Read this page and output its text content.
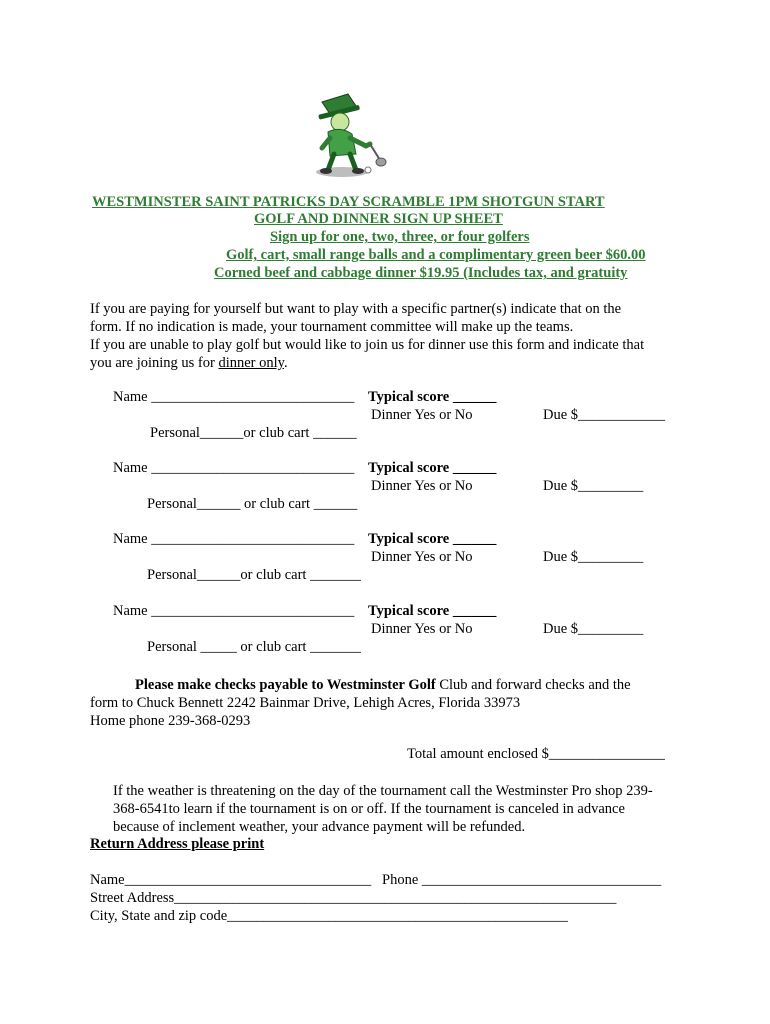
WESTMINSTER SAINT PATRICKS DAY SCRAMBLE 1PM SHOTGUN START
GOLF AND DINNER SIGN UP SHEET
Sign up for one, two, three, or four golfers
Golf, cart, small range balls and a complimentary green beer $60.00
Corned beef and cabbage dinner $19.95 (Includes tax, and gratuity
If you are paying for yourself but want to play with a specific partner(s) indicate that on the
form. If no indication is made, your tournament committee will make up the teams.
If you are unable to play golf but would like to join us for dinner use this form and indicate that
you are joining us for dinner only.
Name ____________________________ Typical score ______
Dinner Yes or No	Due $____________
Personal______or club cart ______
Name ____________________________ Typical score ______
Dinner Yes or No	Due $_________
Personal______ or club cart ______
Name ____________________________ Typical score ______
Dinner Yes or No	Due $_________
Personal______or club cart _______
Name ____________________________ Typical score ______
Dinner Yes or No	Due $_________
Personal _____ or club cart _______
Please make checks payable to Westminster Golf Club and forward checks and the
form to Chuck Bennett 2242 Bainmar Drive, Lehigh Acres, Florida 33973
Home phone 239-368-0293
Total amount enclosed $________________
If the weather is threatening on the day of the tournament call the Westminster Pro shop 239-
368-6541to learn if the tournament is on or off. If the tournament is canceled in advance
because of inclement weather, your advance payment will be refunded.
Return Address please print
Name__________________________________ Phone _________________________________
Street Address_____________________________________________________________
City, State and zip code_______________________________________________
